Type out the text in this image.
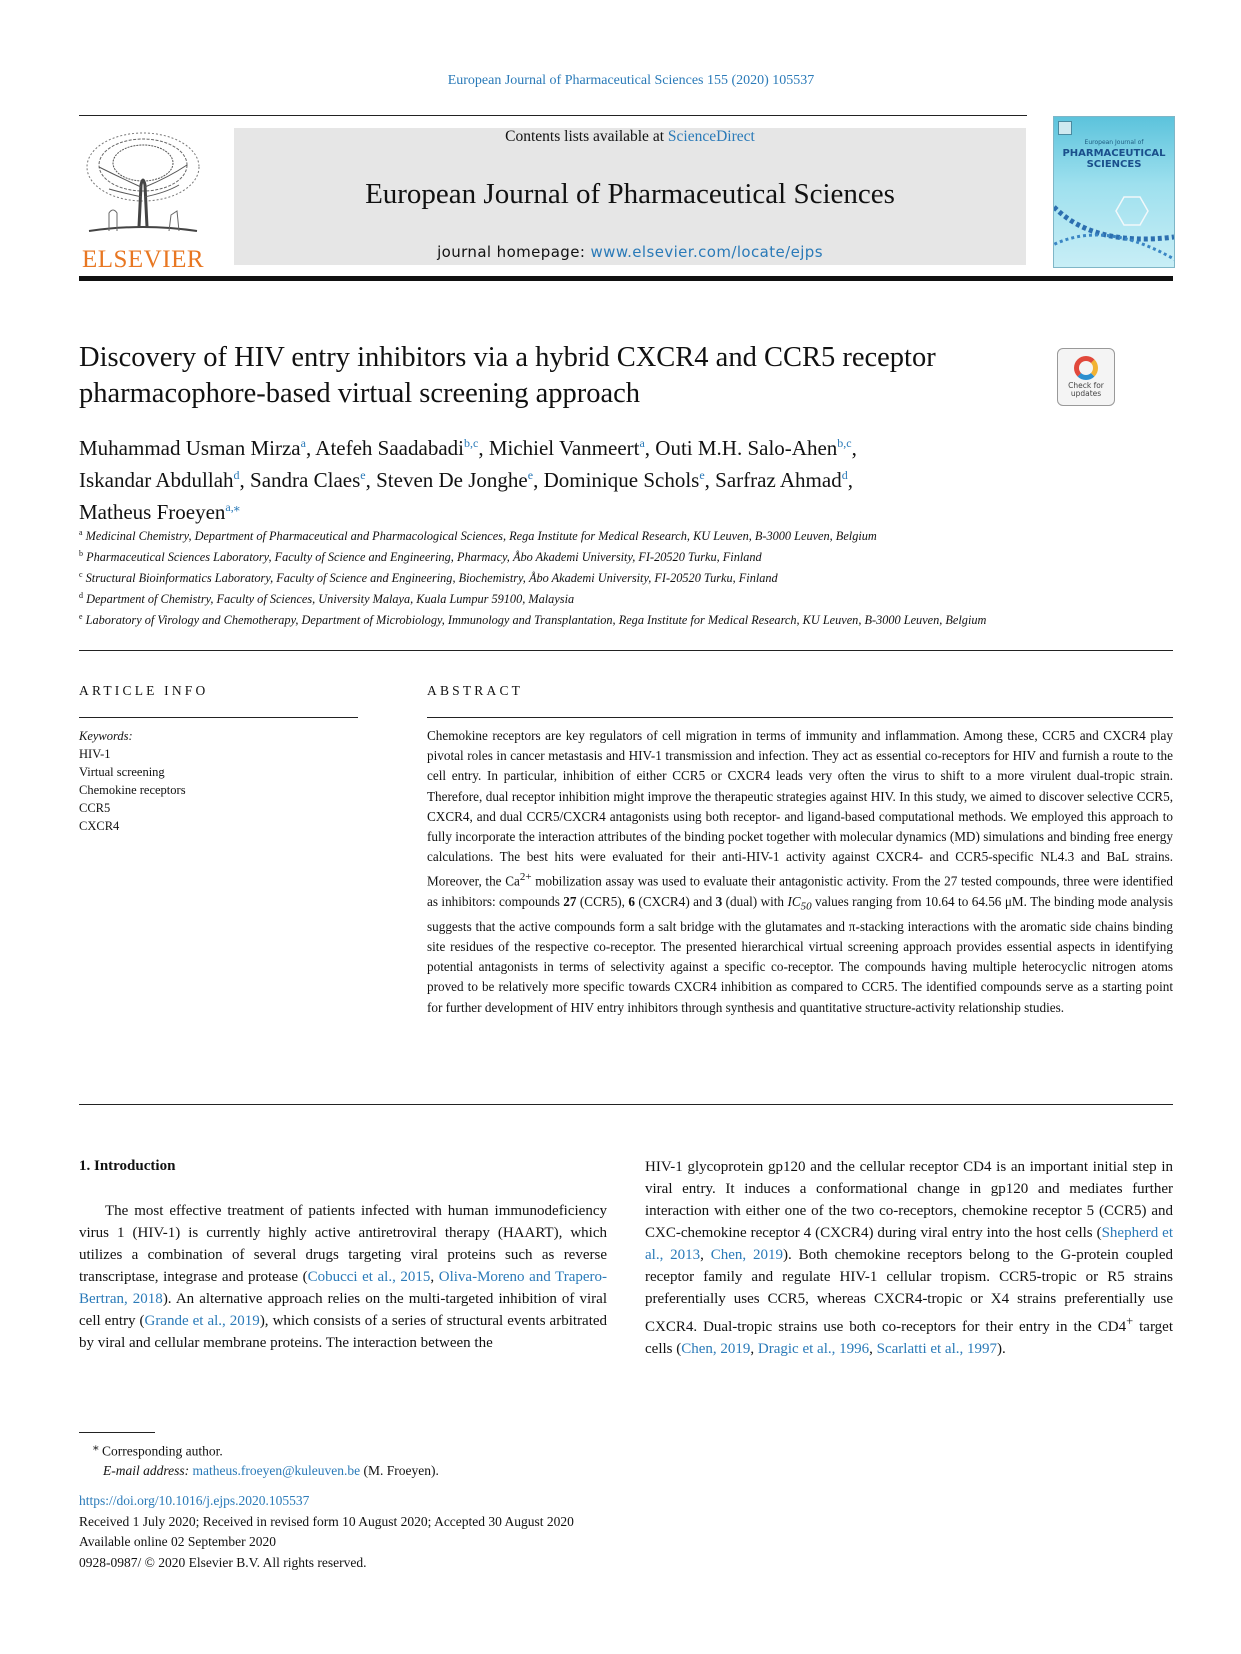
European Journal of Pharmaceutical Sciences 155 (2020) 105537
ELSEVIER
Contents lists available at ScienceDirect
European Journal of Pharmaceutical Sciences
journal homepage: www.elsevier.com/locate/ejps
European Journal of
PHARMACEUTICAL
SCIENCES
Discovery of HIV entry inhibitors via a hybrid CXCR4 and CCR5 receptor pharmacophore-based virtual screening approach	Check for
updates
Muhammad Usman Mirza$^a$, Atefeh Saadabadi$^{b,c}$, Michiel Vanmeert$^a$, Outi M.H. Salo-Ahen$^{b,c}$,
Iskandar Abdullah$^d$, Sandra Claes$^e$, Steven De Jonghe$^e$, Dominique Schols$^e$, Sarfraz Ahmad$^d$,
Matheus Froeyen$^{a,⁎}$
$^a$ Medicinal Chemistry, Department of Pharmaceutical and Pharmacological Sciences, Rega Institute for Medical Research, KU Leuven, B-3000 Leuven, Belgium
$^b$ Pharmaceutical Sciences Laboratory, Faculty of Science and Engineering, Pharmacy, Åbo Akademi University, FI-20520 Turku, Finland
$^c$ Structural Bioinformatics Laboratory, Faculty of Science and Engineering, Biochemistry, Åbo Akademi University, FI-20520 Turku, Finland
$^d$ Department of Chemistry, Faculty of Sciences, University Malaya, Kuala Lumpur 59100, Malaysia
$^e$ Laboratory of Virology and Chemotherapy, Department of Microbiology, Immunology and Transplantation, Rega Institute for Medical Research, KU Leuven, B-3000 Leuven, Belgium
ARTICLE INFO
Keywords:
HIV-1
Virtual screening
Chemokine receptors
CCR5
CXCR4
ABSTRACT
Chemokine receptors are key regulators of cell migration in terms of immunity and inflammation. Among these, CCR5 and CXCR4 play pivotal roles in cancer metastasis and HIV-1 transmission and infection. They act as essential co-receptors for HIV and furnish a route to the cell entry. In particular, inhibition of either CCR5 or CXCR4 leads very often the virus to shift to a more virulent dual-tropic strain. Therefore, dual receptor inhibition might improve the therapeutic strategies against HIV. In this study, we aimed to discover selective CCR5, CXCR4, and dual CCR5/CXCR4 antagonists using both receptor- and ligand-based computational methods. We employed this approach to fully incorporate the interaction attributes of the binding pocket together with molecular dynamics (MD) simulations and binding free energy calculations. The best hits were evaluated for their anti-HIV-1 activity against CXCR4- and CCR5-specific NL4.3 and BaL strains. Moreover, the $Ca^{2+}$ mobilization assay was used to evaluate their antagonistic activity. From the 27 tested compounds, three were identified as inhibitors: compounds 27 (CCR5), 6 (CXCR4) and 3 (dual) with $IC_{50}$ values ranging from 10.64 to 64.56 μM. The binding mode analysis suggests that the active compounds form a salt bridge with the glutamates and π-stacking interactions with the aromatic side chains binding site residues of the respective co-receptor. The presented hierarchical virtual screening approach provides essential aspects in identifying potential antagonists in terms of selectivity against a specific co-receptor. The compounds having multiple heterocyclic nitrogen atoms proved to be relatively more specific towards CXCR4 inhibition as compared to CCR5. The identified compounds serve as a starting point for further development of HIV entry inhibitors through synthesis and quantitative structure-activity relationship studies.
1. Introduction

The most effective treatment of patients infected with human immunodeficiency virus 1 (HIV-1) is currently highly active antiretroviral therapy (HAART), which utilizes a combination of several drugs targeting viral proteins such as reverse transcriptase, integrase and protease (Cobucci et al., 2015, Oliva-Moreno and Trapero-Bertran, 2018). An alternative approach relies on the multi-targeted inhibition of viral cell entry (Grande et al., 2019), which consists of a series of structural events arbitrated by viral and cellular membrane proteins. The interaction between the

HIV-1 glycoprotein gp120 and the cellular receptor CD4 is an important initial step in viral entry. It induces a conformational change in gp120 and mediates further interaction with either one of the two co-receptors, chemokine receptor 5 (CCR5) and CXC-chemokine receptor 4 (CXCR4) during viral entry into the host cells (Shepherd et al., 2013, Chen, 2019). Both chemokine receptors belong to the G-protein coupled receptor family and regulate HIV-1 cellular tropism. CCR5-tropic or R5 strains preferentially uses CCR5, whereas CXCR4-tropic or X4 strains preferentially use CXCR4. Dual-tropic strains use both co-receptors for their entry in the CD4+ target cells (Chen, 2019, Dragic et al., 1996, Scarlatti et al., 1997).

⁎ Corresponding author.
E-mail address: matheus.froeyen@kuleuven.be (M. Froeyen).
https://doi.org/10.1016/j.ejps.2020.105537
Received 1 July 2020; Received in revised form 10 August 2020; Accepted 30 August 2020
Available online 02 September 2020
0928-0987/ © 2020 Elsevier B.V. All rights reserved.
